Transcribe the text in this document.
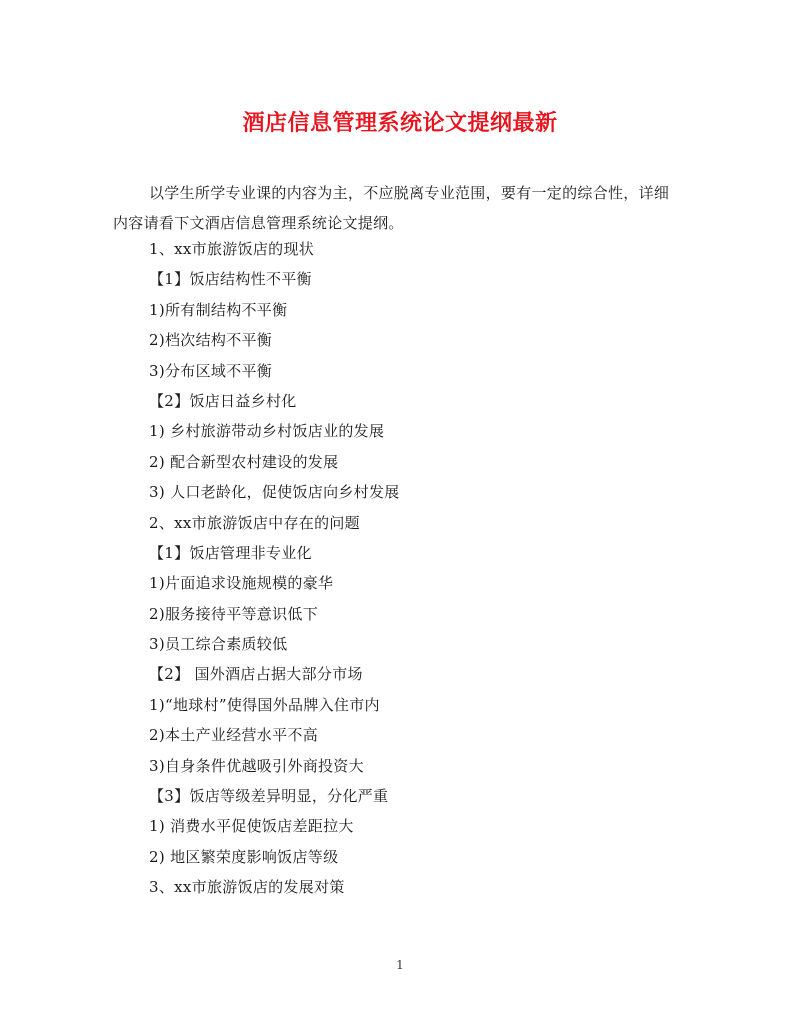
酒店信息管理系统论文提纲最新
以学生所学专业课的内容为主，不应脱离专业范围，要有一定的综合性，详细内容请看下文酒店信息管理系统论文提纲。
1、xx市旅游饭店的现状
【1】饭店结构性不平衡
1)所有制结构不平衡
2)档次结构不平衡
3)分布区域不平衡
【2】饭店日益乡村化
1) 乡村旅游带动乡村饭店业的发展
2) 配合新型农村建设的发展
3) 人口老龄化，促使饭店向乡村发展
2、xx市旅游饭店中存在的问题
【1】饭店管理非专业化
1)片面追求设施规模的豪华
2)服务接待平等意识低下
3)员工综合素质较低
【2】 国外酒店占据大部分市场
1)“地球村”使得国外品牌入住市内
2)本土产业经营水平不高
3)自身条件优越吸引外商投资大
【3】饭店等级差异明显，分化严重
1) 消费水平促使饭店差距拉大
2) 地区繁荣度影响饭店等级
3、xx市旅游饭店的发展对策
1
